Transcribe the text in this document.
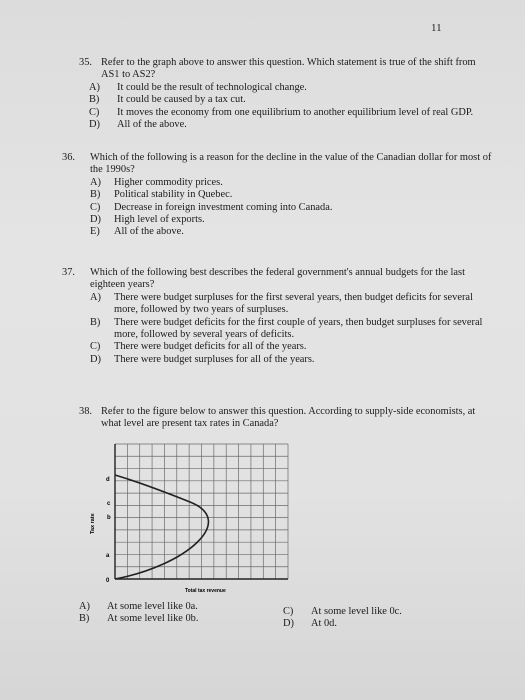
11
35. Refer to the graph above to answer this question. Which statement is true of the shift from AS1 to AS2?
A)	It could be the result of technological change.
B)	It could be caused by a tax cut.
C)	It moves the economy from one equilibrium to another equilibrium level of real GDP.
D)	All of the above.
36.	Which of the following is a reason for the decline in the value of the Canadian dollar for most of the 1990s?
A)	Higher commodity prices.
B)	Political stability in Quebec.
C)	Decrease in foreign investment coming into Canada.
D)	High level of exports.
E)	All of the above.
37.	Which of the following best describes the federal government's annual budgets for the last eighteen years?
A)	There were budget surpluses for the first several years, then budget deficits for several more, followed by two years of surpluses.
B)	There were budget deficits for the first couple of years, then budget surpluses for several more, followed by several years of deficits.
C)	There were budget deficits for all of the years.
D)	There were budget surpluses for all of the years.
38. Refer to the figure below to answer this question. According to supply-side economists, at what level are present tax rates in Canada?
0
a
b
c
d
Tax rate
Total tax revenue
A)	At some level like 0a.
B)	At some level like 0b.
C)	At some level like 0c.
D)	At 0d.
